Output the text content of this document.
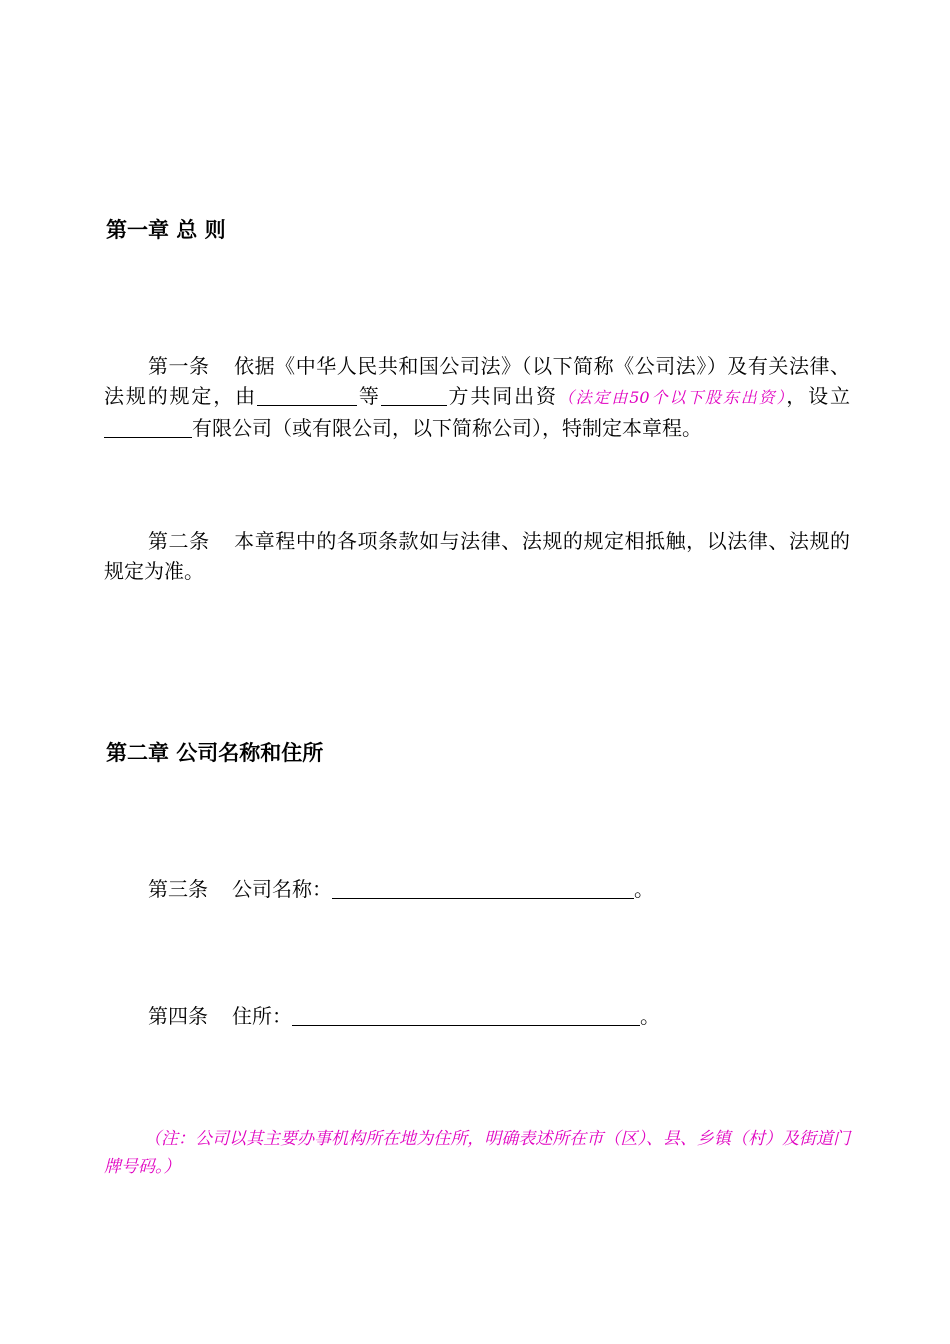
第一章 总 则
第一条 依据《中华人民共和国公司法》（以下简称《公司法》）及有关法律、法规的规定，由	等	方共同出资（法定由50个以下股东出资），设立有限公司（或有限公司，以下简称公司），特制定本章程。
第二条 本章程中的各项条款如与法律、法规的规定相抵触，以法律、法规的规定为准。
第二章 公司名称和住所
第三条 公司名称：	。
第四条 住所：	。
（注：公司以其主要办事机构所在地为住所，明确表述所在市（区）、县、乡镇（村）及街道门牌号码。）
